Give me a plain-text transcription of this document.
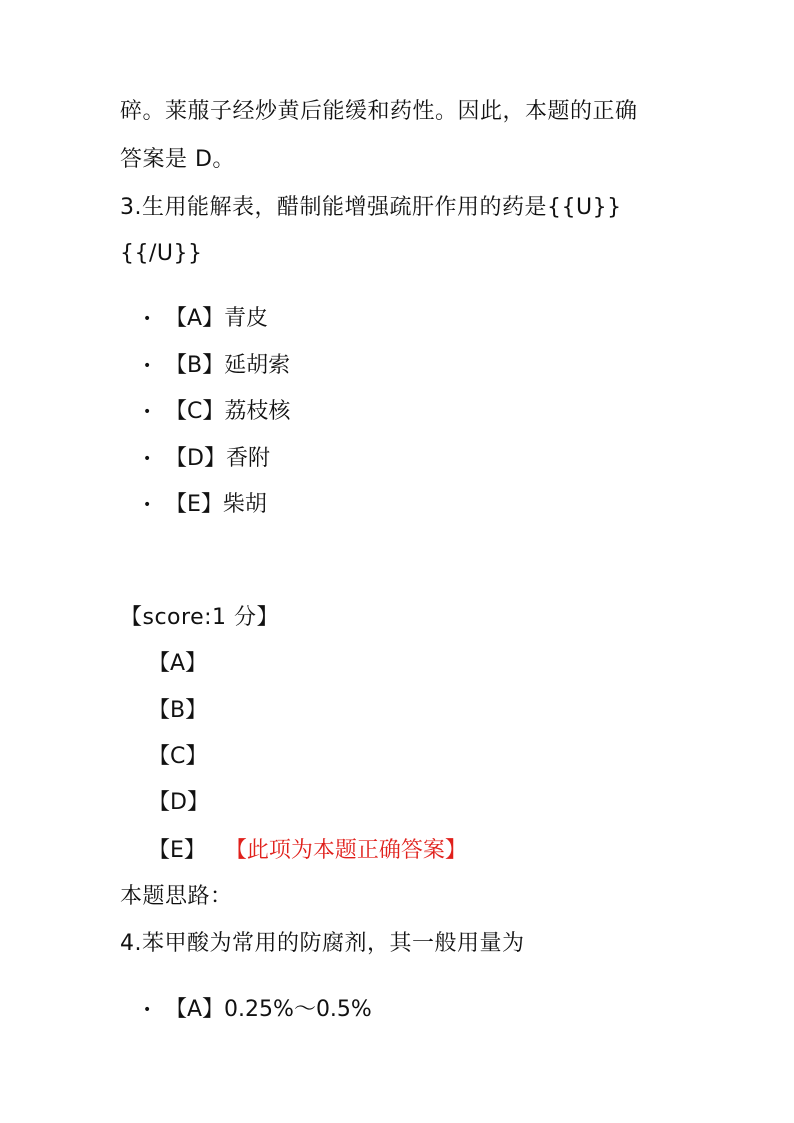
碎。莱菔子经炒黄后能缓和药性。因此，本题的正确
答案是 D。
3.生用能解表，醋制能增强疏肝作用的药是{{U}}
{{/U}}
• 【A】青皮
• 【B】延胡索
• 【C】荔枝核
• 【D】香附
• 【E】柴胡
【score:1 分】
【A】
【B】
【C】
【D】
【E】 【此项为本题正确答案】
本题思路：
4.苯甲酸为常用的防腐剂，其一般用量为
• 【A】0.25%～0.5%
